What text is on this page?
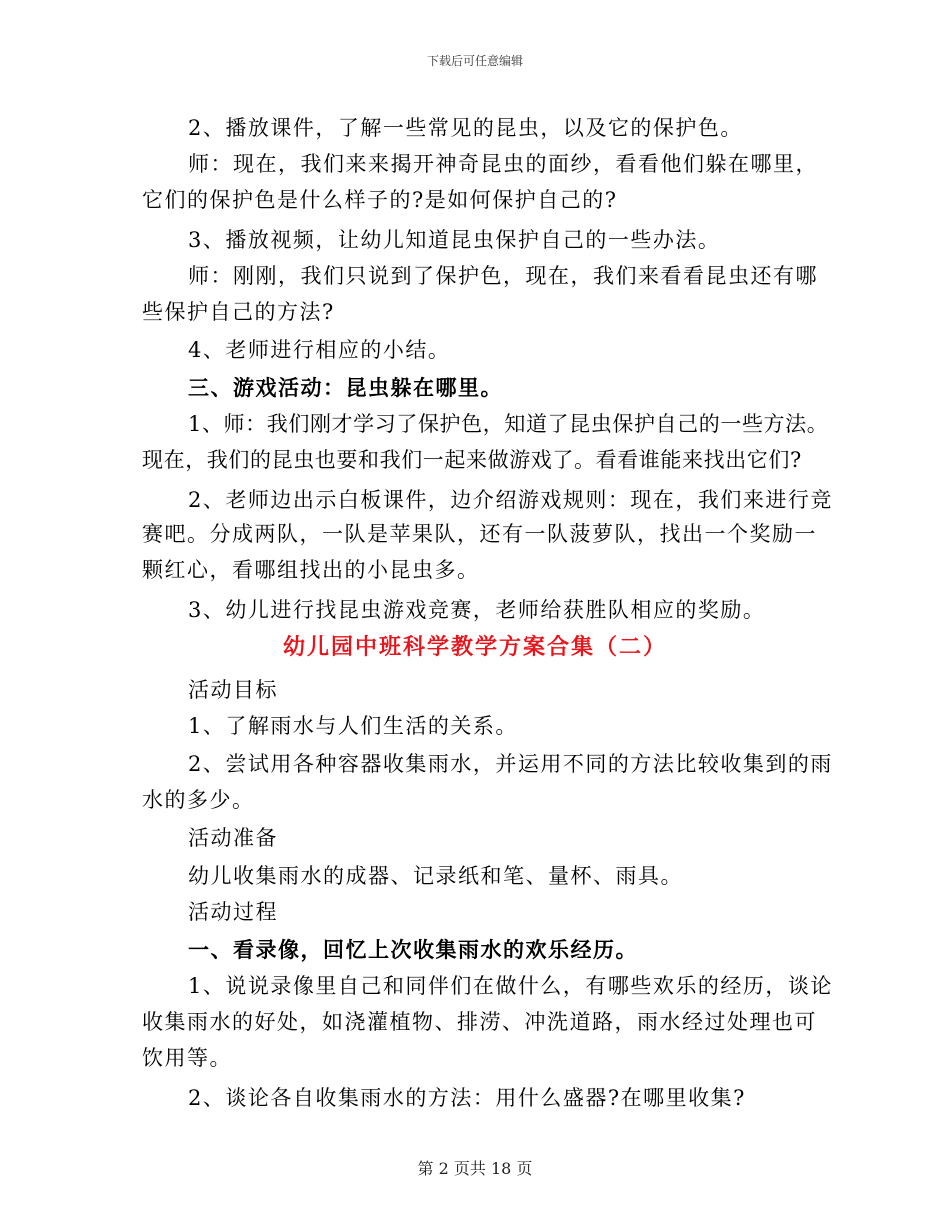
下载后可任意编辑
2、播放课件，了解一些常见的昆虫，以及它的保护色。
师：现在，我们来来揭开神奇昆虫的面纱，看看他们躲在哪里，
它们的保护色是什么样子的?是如何保护自己的?
3、播放视频，让幼儿知道昆虫保护自己的一些办法。
师：刚刚，我们只说到了保护色，现在，我们来看看昆虫还有哪
些保护自己的方法?
4、老师进行相应的小结。
三、游戏活动：昆虫躲在哪里。
1、师：我们刚才学习了保护色，知道了昆虫保护自己的一些方法。
现在，我们的昆虫也要和我们一起来做游戏了。看看谁能来找出它们?
2、老师边出示白板课件，边介绍游戏规则：现在，我们来进行竞
赛吧。分成两队，一队是苹果队，还有一队菠萝队，找出一个奖励一
颗红心，看哪组找出的小昆虫多。
3、幼儿进行找昆虫游戏竞赛，老师给获胜队相应的奖励。
幼儿园中班科学教学方案合集（二）
活动目标
1、了解雨水与人们生活的关系。
2、尝试用各种容器收集雨水，并运用不同的方法比较收集到的雨
水的多少。
活动准备
幼儿收集雨水的成器、记录纸和笔、量杯、雨具。
活动过程
一、看录像，回忆上次收集雨水的欢乐经历。
1、说说录像里自己和同伴们在做什么，有哪些欢乐的经历，谈论
收集雨水的好处，如浇灌植物、排涝、冲洗道路，雨水经过处理也可
饮用等。
2、谈论各自收集雨水的方法：用什么盛器?在哪里收集?
第 2 页共 18 页
